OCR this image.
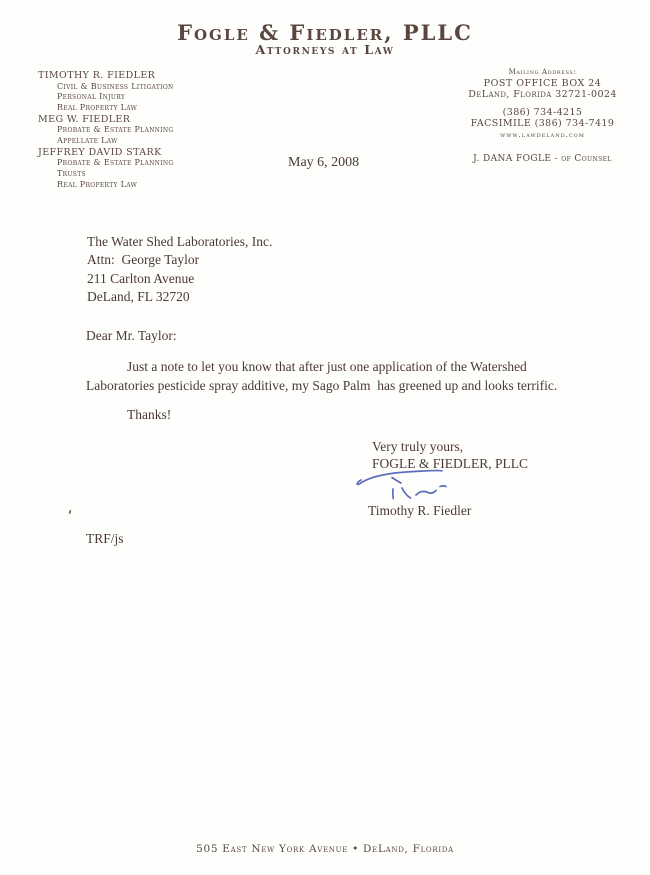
Fogle & Fiedler, PLLC
Attorneys at Law
TIMOTHY R. FIEDLER
Civil & Business Litigation
Personal Injury
Real Property Law
MEG W. FIEDLER
Probate & Estate Planning
Appellate Law
JEFFREY DAVID STARK
Probate & Estate Planning
Trusts
Real Property Law
Mailing Address:
POST OFFICE BOX 24
DeLand, Florida 32721-0024
(386) 734-4215
FACSIMILE (386) 734-7419
www.lawdeland.com
J. DANA FOGLE - of Counsel
May 6, 2008
The Water Shed Laboratories, Inc.
Attn:  George Taylor
211 Carlton Avenue
DeLand, FL 32720
Dear Mr. Taylor:
Just a note to let you know that after just one application of the Watershed Laboratories pesticide spray additive, my Sago Palm  has greened up and looks terrific.
Thanks!
Very truly yours,
FOGLE & FIEDLER, PLLC
Timothy R. Fiedler
TRF/js
505 East New York Avenue • DeLand, Florida
